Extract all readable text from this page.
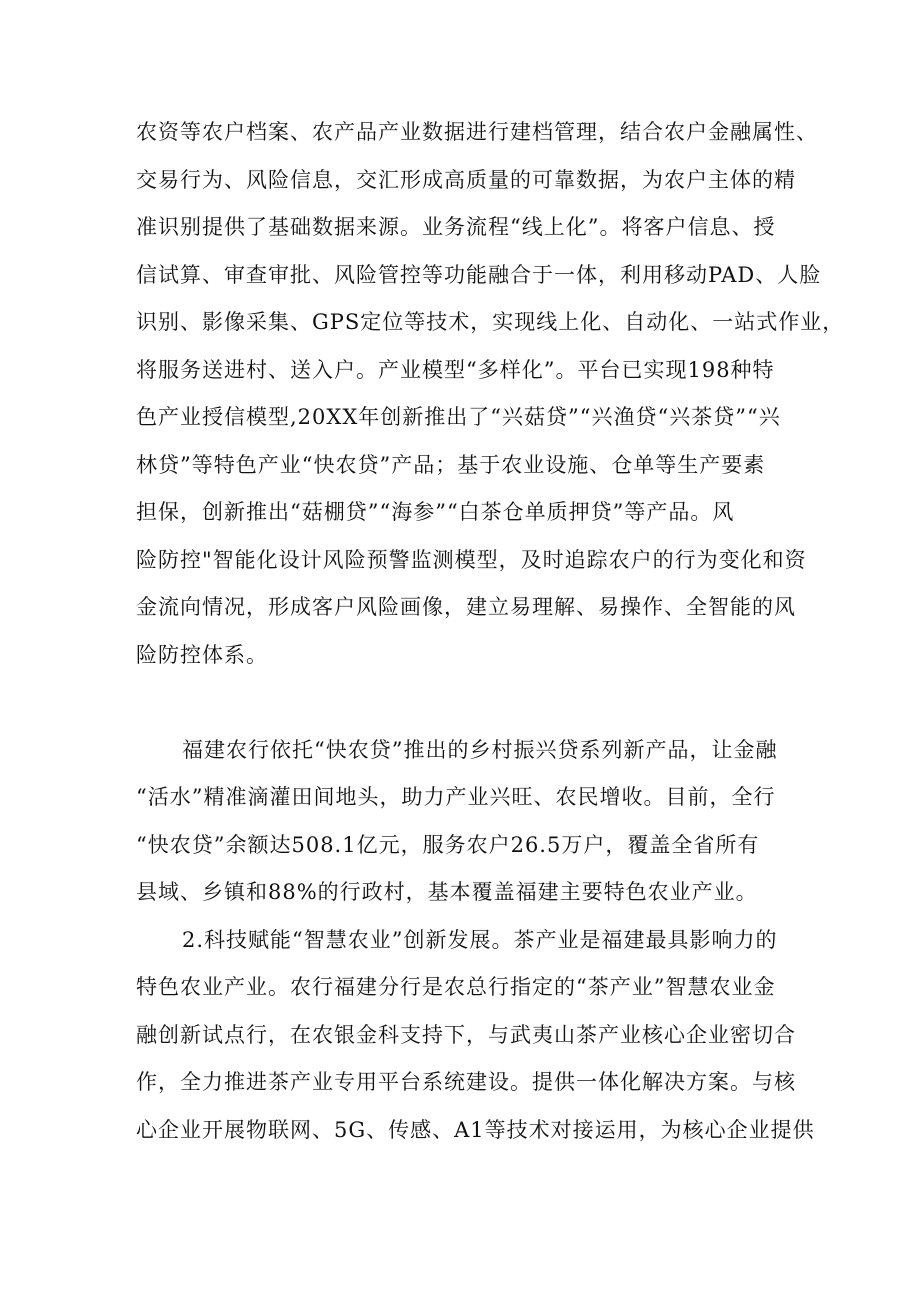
农资等农户档案、农产品产业数据进行建档管理，结合农户金融属性、
交易行为、风险信息，交汇形成高质量的可靠数据，为农户主体的精
准识别提供了基础数据来源。业务流程“线上化”。将客户信息、授
信试算、审查审批、风险管控等功能融合于一体，利用移动PAD、人脸
识别、影像采集、GPS定位等技术，实现线上化、自动化、一站式作业，
将服务送进村、送入户。产业模型“多样化”。平台已实现198种特
色产业授信模型,20XX年创新推出了“兴菇贷”“兴渔贷“兴茶贷”“兴
林贷”等特色产业“快农贷”产品；基于农业设施、仓单等生产要素
担保，创新推出“菇棚贷”“海参”“白茶仓单质押贷”等产品。风
险防控"智能化设计风险预警监测模型，及时追踪农户的行为变化和资
金流向情况，形成客户风险画像，建立易理解、易操作、全智能的风
险防控体系。
福建农行依托“快农贷”推出的乡村振兴贷系列新产品，让金融
“活水”精准滴灌田间地头，助力产业兴旺、农民增收。目前，全行
“快农贷”余额达508.1亿元，服务农户26.5万户，覆盖全省所有
县域、乡镇和88%的行政村，基本覆盖福建主要特色农业产业。
2.科技赋能“智慧农业”创新发展。茶产业是福建最具影响力的
特色农业产业。农行福建分行是农总行指定的“茶产业”智慧农业金
融创新试点行，在农银金科支持下，与武夷山茶产业核心企业密切合
作，全力推进茶产业专用平台系统建设。提供一体化解决方案。与核
心企业开展物联网、5G、传感、A1等技术对接运用，为核心企业提供
